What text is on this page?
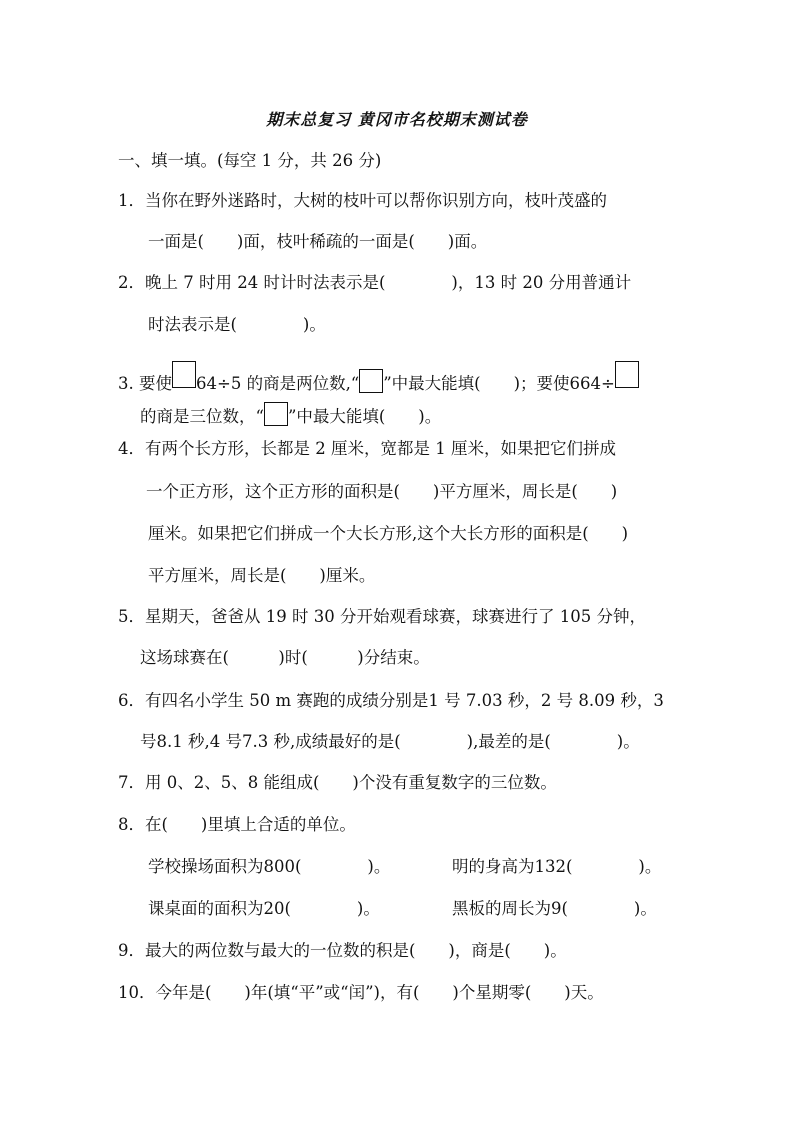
期末总复习 黄冈市名校期末测试卷
一、填一填。(每空 1 分，共 26 分)
1．当你在野外迷路时，大树的枝叶可以帮你识别方向，枝叶茂盛的
一面是(　　)面，枝叶稀疏的一面是(　　)面。
2．晚上 7 时用 24 时计时法表示是(　　　　)，13 时 20 分用普通计
时法表示是(　　　　)。
3. 要使 64÷5 的商是两位数,“ ”中最大能填(　　)；要使664÷
的商是三位数，“ ”中最大能填(　　)。
4．有两个长方形，长都是 2 厘米，宽都是 1 厘米，如果把它们拼成
一个正方形，这个正方形的面积是(　　)平方厘米，周长是(　　)
厘米。如果把它们拼成一个大长方形,这个大长方形的面积是(　　)
平方厘米，周长是(　　)厘米。
5．星期天，爸爸从 19 时 30 分开始观看球赛，球赛进行了 105 分钟，
这场球赛在(　　　)时(　　　)分结束。
6．有四名小学生 50 m 赛跑的成绩分别是1 号 7.03 秒，2 号 8.09 秒，3
号8.1 秒,4 号7.3 秒,成绩最好的是(　　　　),最差的是(　　　　)。
7．用 0、2、5、8 能组成(　　)个没有重复数字的三位数。
8．在(　　)里填上合适的单位。
学校操场面积为800(　　　　)。	明的身高为132(　　　　)。
课桌面的面积为20(　　　　)。	黑板的周长为9(　　　　)。
9．最大的两位数与最大的一位数的积是(　　)，商是(　　)。
10．今年是(　　)年(填“平”或“闰”)，有(　　)个星期零(　　)天。
